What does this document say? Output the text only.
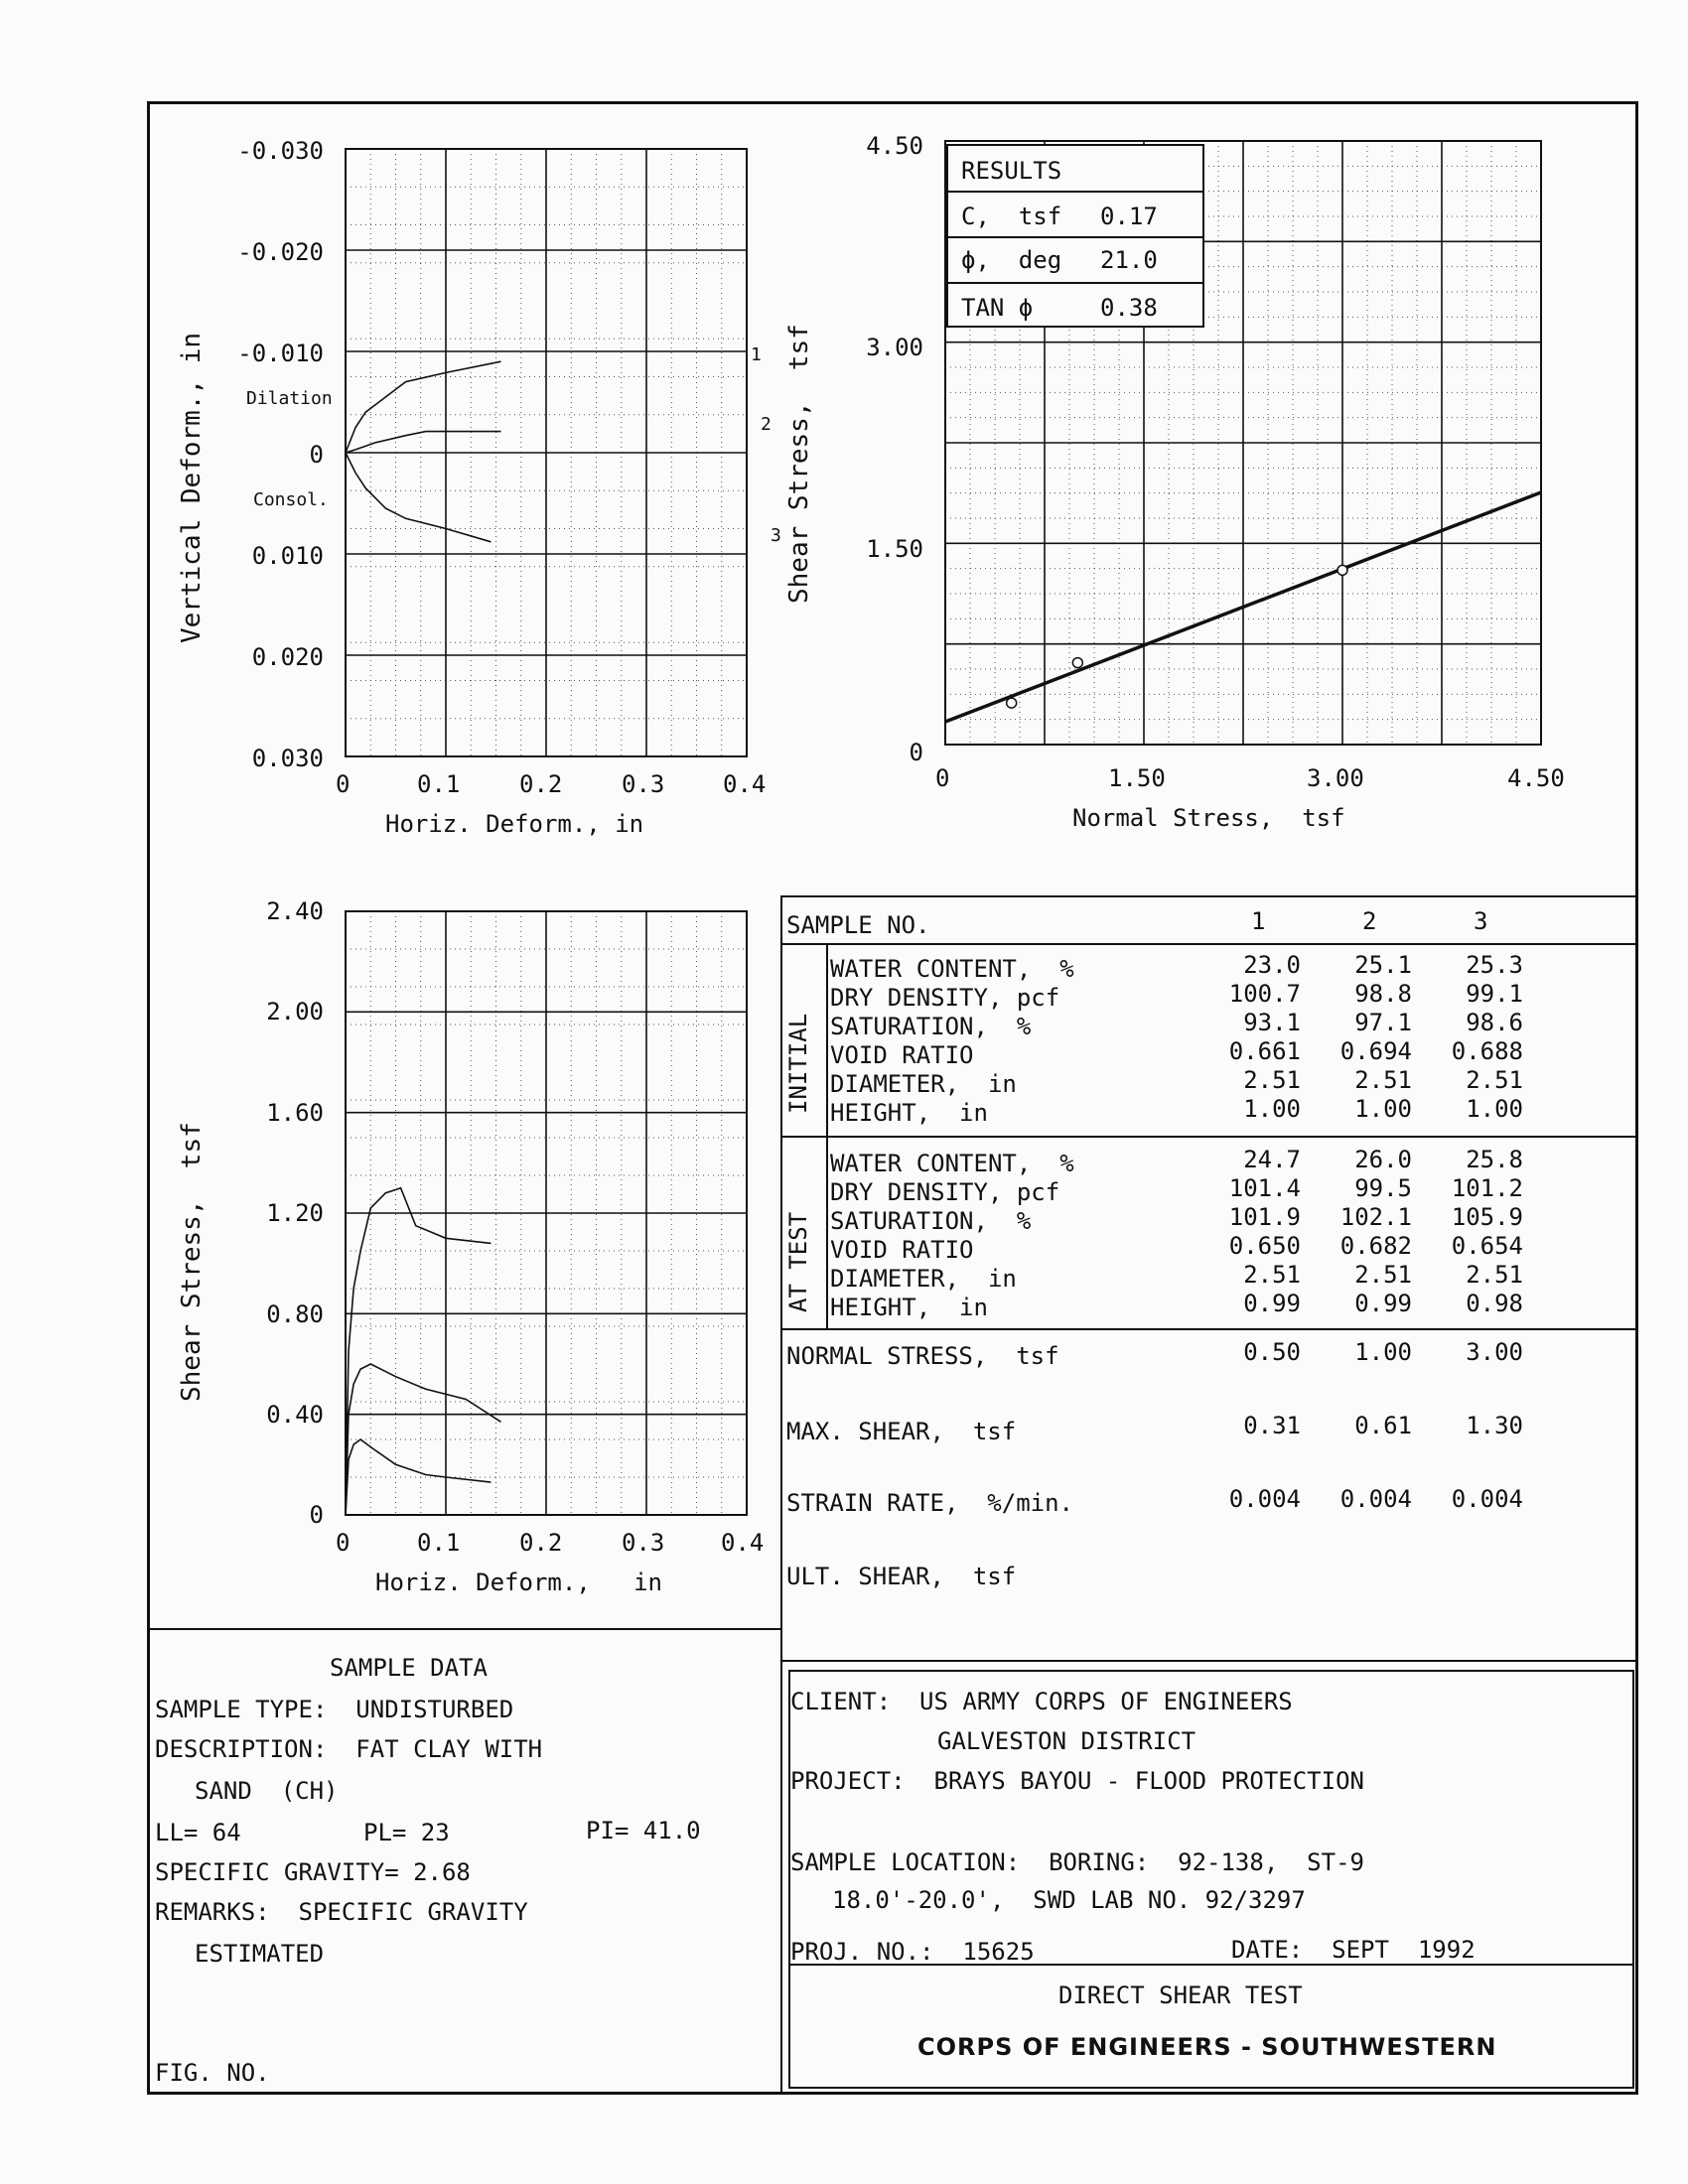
-0.030
-0.020
-0.010
0
0.010
0.020
0.030
0	0.1 0.2 0.3 0.4
Horiz. Deform., in
Vertical Deform., in Dilation
Consol.
1
2
3
4.50
3.00
1.50
0
0	1.50	3.00	4.50
Normal Stress,  tsf
Shear Stress,  tsf
RESULTS
C,  tsf 0.17
ϕ,  deg 21.0
TAN ϕ	0.38
2.40
2.00
1.60
1.20
0.80
0.40
0
0	0.1 0.2 0.3 0.4
Horiz. Deform.,   in
Shear Stress,  tsf
SAMPLE NO.	1	2	3
INITIAL
AT TEST
WATER CONTENT,  %	23.0	25.1	25.3
DRY DENSITY, pcf	100.7	98.8	99.1
SATURATION,  %	93.1	97.1	98.6
VOID RATIO	0.661	0.694	0.688
DIAMETER,  in	2.51	2.51	2.51
HEIGHT,  in	1.00	1.00	1.00
WATER CONTENT,  %	24.7	26.0	25.8
DRY DENSITY, pcf	101.4	99.5	101.2
SATURATION,  %	101.9	102.1	105.9
VOID RATIO	0.650	0.682	0.654
DIAMETER,  in	2.51	2.51	2.51
HEIGHT,  in	0.99	0.99	0.98
NORMAL STRESS,  tsf	0.50	1.00	3.00
MAX. SHEAR,  tsf	0.31	0.61	1.30
STRAIN RATE,  %/min.	0.004	0.004	0.004
ULT. SHEAR,  tsf
SAMPLE DATA
SAMPLE TYPE:  UNDISTURBED
DESCRIPTION:  FAT CLAY WITH
SAND  (CH)
LL= 64	PL= 23	PI= 41.0
SPECIFIC GRAVITY= 2.68
REMARKS:  SPECIFIC GRAVITY
ESTIMATED
FIG. NO.
CLIENT:  US ARMY CORPS OF ENGINEERS
GALVESTON DISTRICT
PROJECT:  BRAYS BAYOU - FLOOD PROTECTION
SAMPLE LOCATION:  BORING:  92-138,  ST-9
18.0'-20.0',  SWD LAB NO. 92/3297
PROJ. NO.:  15625	DATE:  SEPT  1992
DIRECT SHEAR TEST
CORPS OF ENGINEERS - SOUTHWESTERN
